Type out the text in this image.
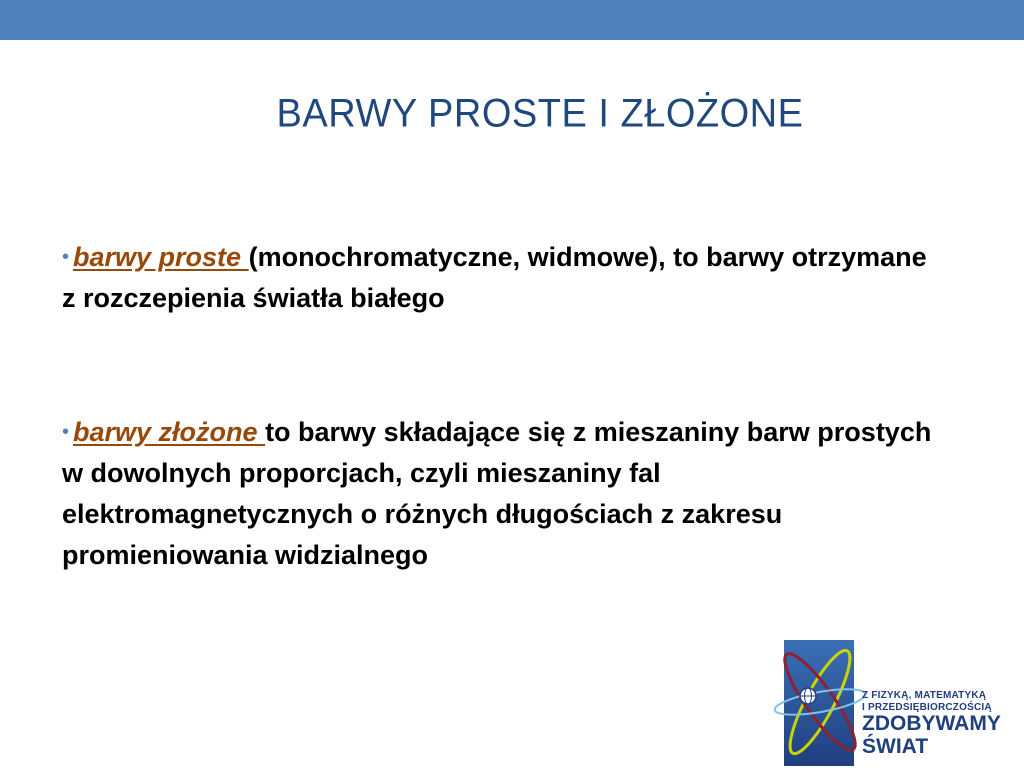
BARWY PROSTE I ZŁOŻONE
• barwy proste (monochromatyczne, widmowe), to barwy otrzymane z rozczepienia światła białego
• barwy złożone to barwy składające się z mieszaniny barw prostych w dowolnych proporcjach, czyli mieszaniny fal elektromagnetycznych o różnych długościach z zakresu promieniowania widzialnego
Z FIZYKĄ, MATEMATYKĄ
I PRZEDSIĘBIORCZOŚCIĄ
ZDOBYWAMY
ŚWIAT
